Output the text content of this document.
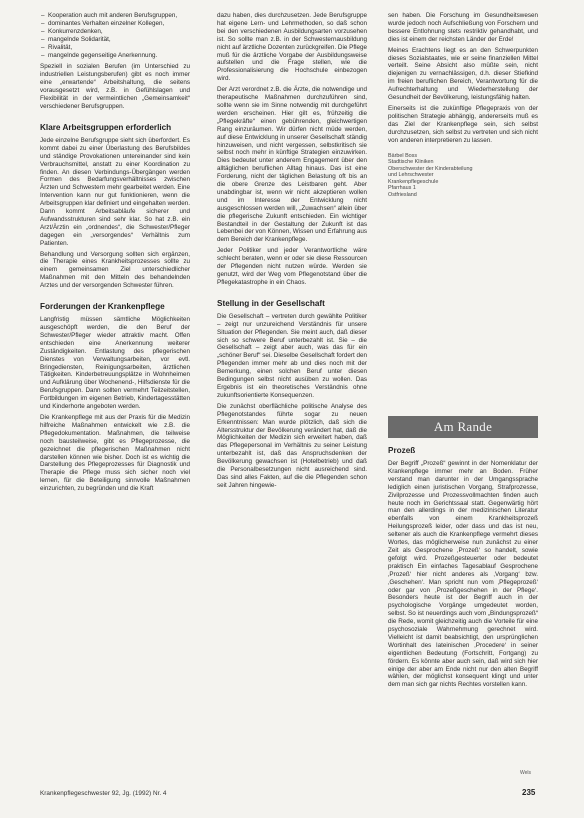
– Kooperation auch mit anderen Berufsgruppen,
– dominantes Verhalten einzelner Kollegen,
– Konkurrenzdenken,
– mangelnde Solidarität,
– Rivalität,
– mangelnde gegenseitige Anerkennung.

Speziell in sozialen Berufen (im Unterschied zu industriellen Leistungsberufen) gibt es noch immer eine „erwartende“ Arbeitshaltung, die seitens vorausgesetzt wird, z.B. in Gefühlslagen und Flexibilität in der vermeintlichen „Gemeinsamkeit“ verschiedener Berufsgruppen.

Klare Arbeitsgruppen erforderlich

Jede einzelne Berufsgruppe sieht sich überfordert. Es kommt dabei zu einer Überlastung des Berufsbildes und ständige Provokationen untereinander sind kein Verbrauchsmittel, anstatt zu einer Koordination zu finden. An diesen Verbindungs-Übergängen werden Formen des Bedarfungsverhältnisses zwischen Ärzten und Schwestern mehr gearbeitet werden. Eine Intervention kann nur gut funktionieren, wenn die Arbeitsgruppen klar definiert und eingehalten werden. Dann kommt Arbeitsabläufe sicherer und Aufwandsstrukturen sind sehr klar. So hat z.B. ein Arzt/Ärztin ein „ordnendes“, die Schwester/Pfleger dagegen ein „versorgendes“ Verhältnis zum Patienten.

Behandlung und Versorgung sollten sich ergänzen, die Therapie eines Krankheitsprozesses sollte zu einem gemeinsamen Ziel unterschiedlicher Maßnahmen mit den Mitteln des behandelnden Arztes und der versorgenden Schwester führen.

Forderungen der Krankenpflege

Langfristig müssen sämtliche Möglichkeiten ausgeschöpft werden, die den Beruf der Schwester/Pfleger wieder attraktiv macht. Offen entschieden eine Anerkennung weiterer Zuständigkeiten. Entlastung des pflegerischen Dienstes von Verwaltungsarbeiten, vor evtl. Bringediensten, Reinigungsarbeiten, ärztlichen Tätigkeiten. Kinderbetreuungsplätze in Wohnheimen und Aufklärung über Wochenend-, Hilfsdienste für die Berufsgruppen. Dann sollten vermehrt Teilzeitstellen, Fortbildungen im eigenen Betrieb, Kindertagesstätten und Kinderhorte angeboten werden.

Die Krankenpflege mit aus der Praxis für die Medizin hilfreiche Maßnahmen entwickelt wie z.B. die Pflegedokumentation. Maßnahmen, die teilweise noch bausteilweise, gibt es Pflegeprozesse, die gezeichnet die pflegerischen Maßnahmen nicht darstellen können wie bisher. Doch ist es wichtig die Darstellung des Pflegeprozesses für Diagnostik und Therapie die Pflege muss sich sicher noch viel lernen, für die Beteiligung sinnvolle Maßnahmen einzurichten, zu begründen und die Kraft

dazu haben, dies durchzusetzen. Jede Berufsgruppe hat eigene Lern- und Lehrmethoden, so daß schon bei den verschiedenen Ausbildungsarten vorzusehen ist. So sollte man z.B. in der Schwesternausbildung nicht auf ärztliche Dozenten zurückgreifen. Die Pflege muß für die ärztliche Vorgabe der Ausbildungsweise aufstellen und die Frage stellen, wie die Professionalisierung die Hochschule einbezogen wird.

Der Arzt verordnet z.B. die Ärzte, die notwendige und therapeutische Maßnahmen durchzuführen sind, sollte wenn sie im Sinne notwendig mit durchgeführt werden erscheinen. Hier gilt es, frühzeitig die „Pflegekräfte“ einen gebührenden, gleichwertigen Rang einzuräumen. Wir dürfen nicht müde werden, auf diese Entwicklung in unserer Gesellschaft ständig hinzuweisen, und nicht vergessen, selbstkritisch sie selbst noch mehr in künftige Strategien einzuwirken. Dies bedeutet unter anderem Engagement über den alltäglichen beruflichen Alltag hinaus. Das ist eine Forderung, nicht der täglichen Belastung oft bis an die obere Grenze des Leistbaren geht. Aber unabdingbar ist, wenn wir nicht akzeptieren wollen und im Interesse der Entwicklung nicht ausgeschlossen werden will, „Zuwachsen“ allein über die pflegerische Zukunft entschieden. Ein wichtiger Bestandteil in der Gestaltung der Zukunft ist das Lebenbei der von Können, Wissen und Erfahrung aus dem Bereich der Krankenpflege.

Jeder Politiker und jeder Verantwortliche wäre schlecht beraten, wenn er oder sie diese Ressourcen der Pflegenden nicht nutzen würde. Werden sie genutzt, wird der Weg vom Pflegenotstand über die Pflegekatastrophe in ein Chaos.

Stellung in der Gesellschaft

Die Gesellschaft – vertreten durch gewählte Politiker – zeigt nur unzureichend Verständnis für unsere Situation der Pflegenden. Sie meint auch, daß dieser sich so schwere Beruf unterbezahlt ist. Sie – die Gesellschaft – zeigt aber auch, was das für ein „schöner Beruf“ sei. Dieselbe Gesellschaft fordert den Pflegenden immer mehr ab und dies noch mit der Bemerkung, einen solchen Beruf unter diesen Bedingungen selbst nicht ausüben zu wollen. Das Ergebnis ist ein theoretisches Verständnis ohne zukunftsorientierte Konsequenzen.

Die zunächst oberflächliche politische Analyse des Pflegenotstandes führte sogar zu neuen Erkenntnissen: Man wurde plötzlich, daß sich die Altersstruktur der Bevölkerung verändert hat, daß die Möglichkeiten der Medizin sich erweitert haben, daß das Pflegepersonal im Verhältnis zu seiner Leistung unterbezahlt ist, daß das Anspruchsdenken der Bevölkerung gewachsen ist (Hotelbetrieb) und daß die Personalbesetzungen nicht ausreichend sind. Das sind alles Fakten, auf die die Pflegenden schon seit Jahren hingewie-

sen haben. Die Forschung im Gesundheitswesen wurde jedoch noch Aufschließung von Forschern und bessere Entlohnung stets restriktiv gehandhabt, und dies ist einem der reichsten Länder der Erde!

Meines Erachtens liegt es an den Schwerpunkten dieses Sozialstaates, wie er seine finanziellen Mittel verteilt. Seine Absicht also müßte sein, nicht diejenigen zu vernachlässigen, d.h. dieser Stiefkind im freien beruflichen Bereich, Verantwortung für die Aufrechterhaltung und Wiederherstellung der Gesundheit der Bevölkerung, leistungsfähig halten.

Einerseits ist die zukünftige Pflegepraxis von der politischen Strategie abhängig, andererseits muß es das Ziel der Krankenpflege sein, sich selbst durchzusetzen, sich selbst zu vertreten und sich nicht von anderen interpretieren zu lassen.

Bärbel Boss
Stadtische Kliniken
Oberschwester der Kinderabteilung
und Lehrschwester
Krankenpflegeschule
Pfarrhaus 1
Ostfriesland
Am Rande
Prozeß

Der Begriff „Prozeß“ gewinnt in der Nomenklatur der Krankenpflege immer mehr an Boden. Früher verstand man darunter in der Umgangssprache lediglich einen juristischen Vorgang, Strafprozesse, Zivilprozesse und Prozessvollmachten finden auch heute noch im Gerichtssaal statt. Gegenwärtig hört man den allerdings in der medizinischen Literatur ebenfalls von einem Krankheitsprozeß Heilungsprozeß leider, oder dass und das ist neu, seltener als auch die Krankenpflege vermehrt dieses Wortes, das möglicherweise nun zunächst zu einer Zeit als Gesprochene ‚Prozeß‘ so handelt, sowie gefolgt wird. Prozeßgesteuerter oder bedeutet praktisch Ein einfaches Tagesablauf Gesprochene ‚Prozeß‘ hier nicht anderes als ‚Vorgang‘ bzw. ‚Geschehen‘. Man spricht nun vom ‚Pflegeprozeß‘ oder gar von ‚Prozeßgeschehen in der Pflege‘. Besonders heute ist der Begriff auch in der psychologische Vorgänge umgedeutet worden, selbst. So ist neuerdings auch vom „Bindungsprozeß“ die Rede, womit gleichzeitig auch die Vorteile für eine psychosoziale Wahrnehmung gerechnet wird. Vielleicht ist damit beabsichtigt, den ursprünglichen Wortinhalt des lateinischen ‚Procedere‘ in seiner eigentlichen Bedeutung (Fortschritt, Fortgang) zu fördern. Es könnte aber auch sein, daß wird sich hier einige der aber am Ende nicht nur den alten Begriff wählen, der möglichst konsequent klingt und unter dem man sich gar nichts Rechtes vorstellen kann.

Wels
Krankenpflegeschwester 92, Jg. (1992) Nr. 4	235
